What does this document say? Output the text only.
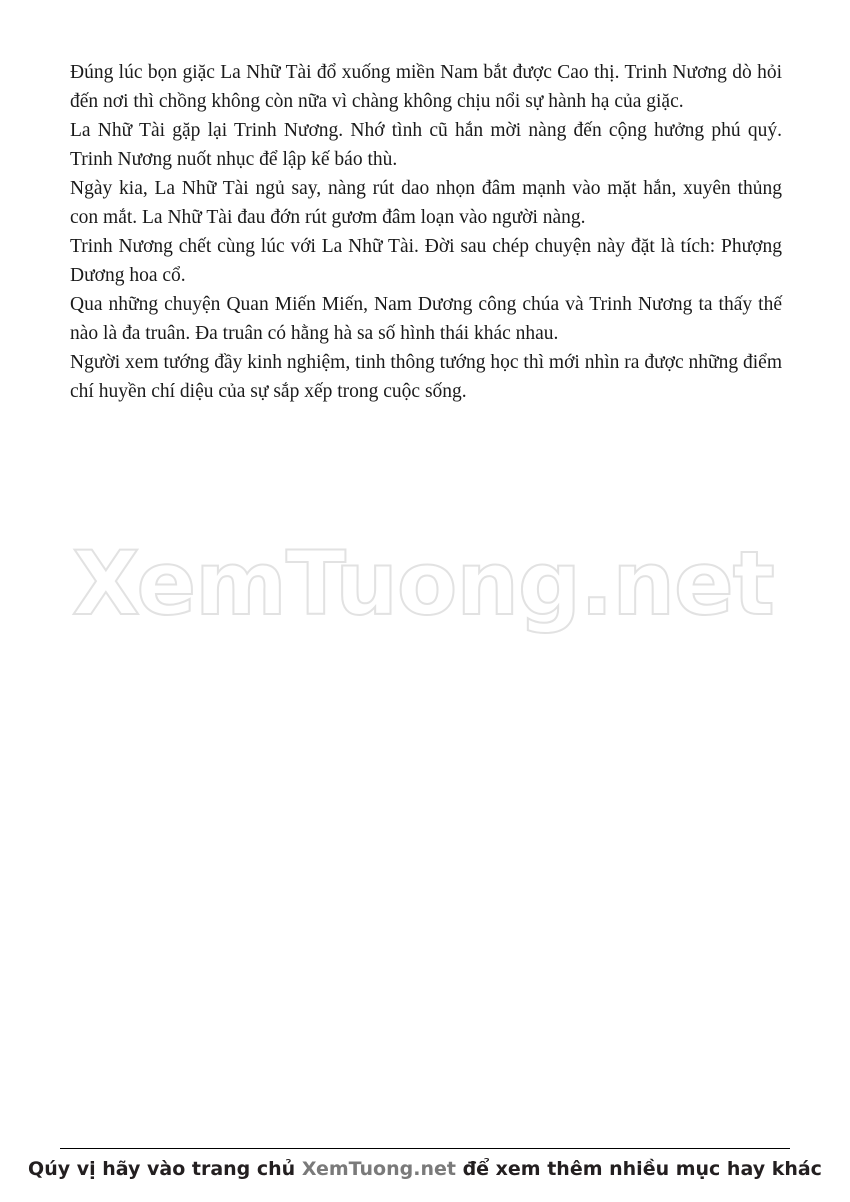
Đúng lúc bọn giặc La Nhữ Tài đổ xuống miền Nam bắt được Cao thị. Trinh Nương dò hỏi đến nơi thì chồng không còn nữa vì chàng không chịu nổi sự hành hạ của giặc.

La Nhữ Tài gặp lại Trinh Nương. Nhớ tình cũ hắn mời nàng đến cộng hưởng phú quý. Trinh Nương nuốt nhục để lập kế báo thù.

Ngày kia, La Nhữ Tài ngủ say, nàng rút dao nhọn đâm mạnh vào mặt hắn, xuyên thủng con mắt. La Nhữ Tài đau đớn rút gươm đâm loạn vào người nàng.

Trinh Nương chết cùng lúc với La Nhữ Tài. Đời sau chép chuyện này đặt là tích: Phượng Dương hoa cổ.

Qua những chuyện Quan Miến Miến, Nam Dương công chúa và Trinh Nương ta thấy thế nào là đa truân. Đa truân có hằng hà sa số hình thái khác nhau.

Người xem tướng đầy kinh nghiệm, tinh thông tướng học thì mới nhìn ra được những điểm chí huyền chí diệu của sự sắp xếp trong cuộc sống.

XemTuong.net
Qúy vị hãy vào trang chủ XemTuong.net để xem thêm nhiều mục hay khác
